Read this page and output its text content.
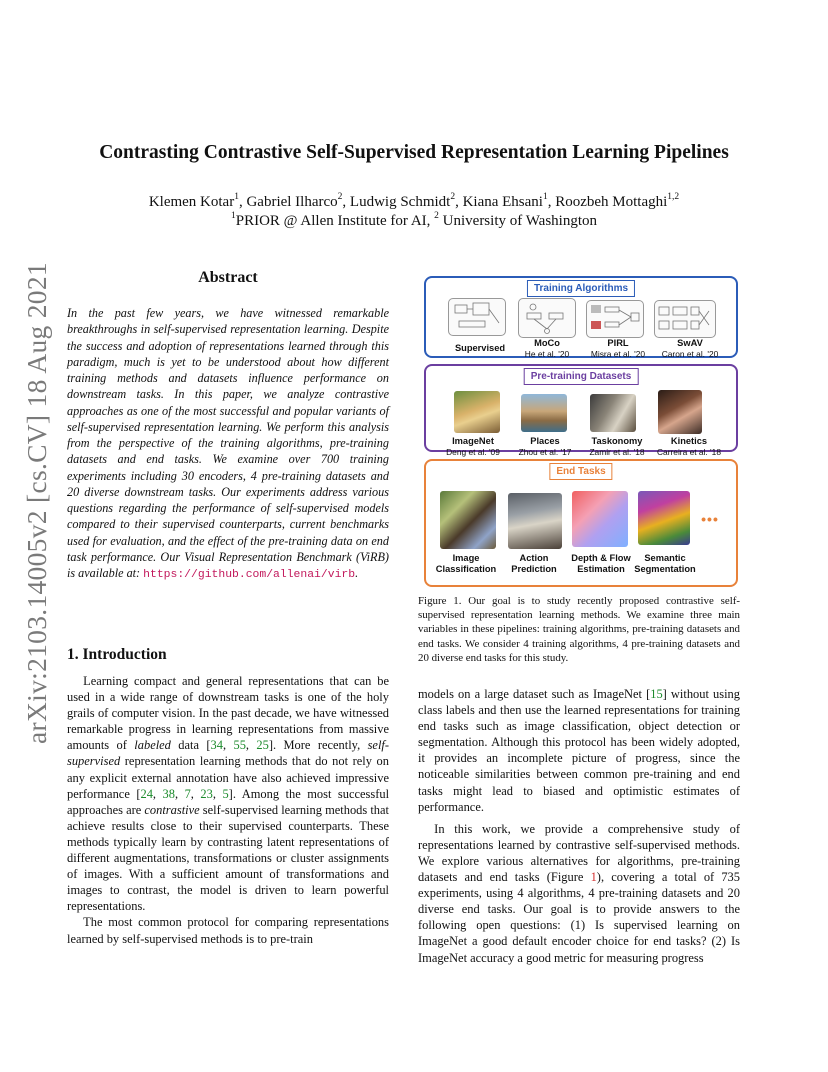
arXiv:2103.14005v2 [cs.CV] 18 Aug 2021
Contrasting Contrastive Self-Supervised Representation Learning Pipelines
Klemen Kotar$^1$, Gabriel Ilharco$^2$, Ludwig Schmidt$^2$, Kiana Ehsani$^1$, Roozbeh Mottaghi$^{1,2}$
$^1$PRIOR @ Allen Institute for AI, $^2$ University of Washington
Abstract
In the past few years, we have witnessed remarkable breakthroughs in self-supervised representation learning. Despite the success and adoption of representations learned through this paradigm, much is yet to be understood about how different training methods and datasets influence performance on downstream tasks. In this paper, we analyze contrastive approaches as one of the most successful and popular variants of self-supervised representation learning. We perform this analysis from the perspective of the training algorithms, pre-training datasets and end tasks. We examine over 700 training experiments including 30 encoders, 4 pre-training datasets and 20 diverse downstream tasks. Our experiments address various questions regarding the performance of self-supervised models compared to their supervised counterparts, current benchmarks used for evaluation, and the effect of the pre-training data on end task performance. Our Visual Representation Benchmark (ViRB) is available at: https://github.com/allenai/virb.
1. Introduction

Learning compact and general representations that can be used in a wide range of downstream tasks is one of the holy grails of computer vision. In the past decade, we have witnessed remarkable progress in learning representations from massive amounts of labeled data [34, 55, 25]. More recently, self-supervised representation learning methods that do not rely on any explicit external annotation have also achieved impressive performance [24, 38, 7, 23, 5]. Among the most successful approaches are contrastive self-supervised learning methods that achieve results close to their supervised counterparts. These methods typically learn by contrasting latent representations of different augmentations, transformations or cluster assignments of images. With a sufficient amount of transformations and images to contrast, the model is driven to learn powerful representations.

The most common protocol for comparing representations learned by self-supervised methods is to pre-train

Training Algorithms
Supervised	MoCo
He et al. '20
PIRL
Misra et al. '20
SwAV
Caron et al. '20
Pre-training Datasets
ImageNet
Deng et al. '09
Places
Zhou et al. '17
Taskonomy
Zamir et al. '18
Kinetics
Carreira et al. '18
End Tasks
•••
Image
Classification
Action
Prediction
Depth & Flow
Estimation
Semantic
Segmentation
Figure 1. Our goal is to study recently proposed contrastive self-supervised representation learning methods. We examine three main variables in these pipelines: training algorithms, pre-training datasets and end tasks. We consider 4 training algorithms, 4 pre-training datasets and 20 diverse end tasks for this study.

models on a large dataset such as ImageNet [15] without using class labels and then use the learned representations for training end tasks such as image classification, object detection or segmentation. Although this protocol has been widely adopted, it provides an incomplete picture of progress, since the noticeable similarities between common pre-training and end tasks might lead to biased and optimistic estimates of performance.

In this work, we provide a comprehensive study of representations learned by contrastive self-supervised methods. We explore various alternatives for algorithms, pre-training datasets and end tasks (Figure 1), covering a total of 735 experiments, using 4 algorithms, 4 pre-training datasets and 20 diverse end tasks. Our goal is to provide answers to the following open questions: (1) Is supervised learning on ImageNet a good default encoder choice for end tasks? (2) Is ImageNet accuracy a good metric for measuring progress
